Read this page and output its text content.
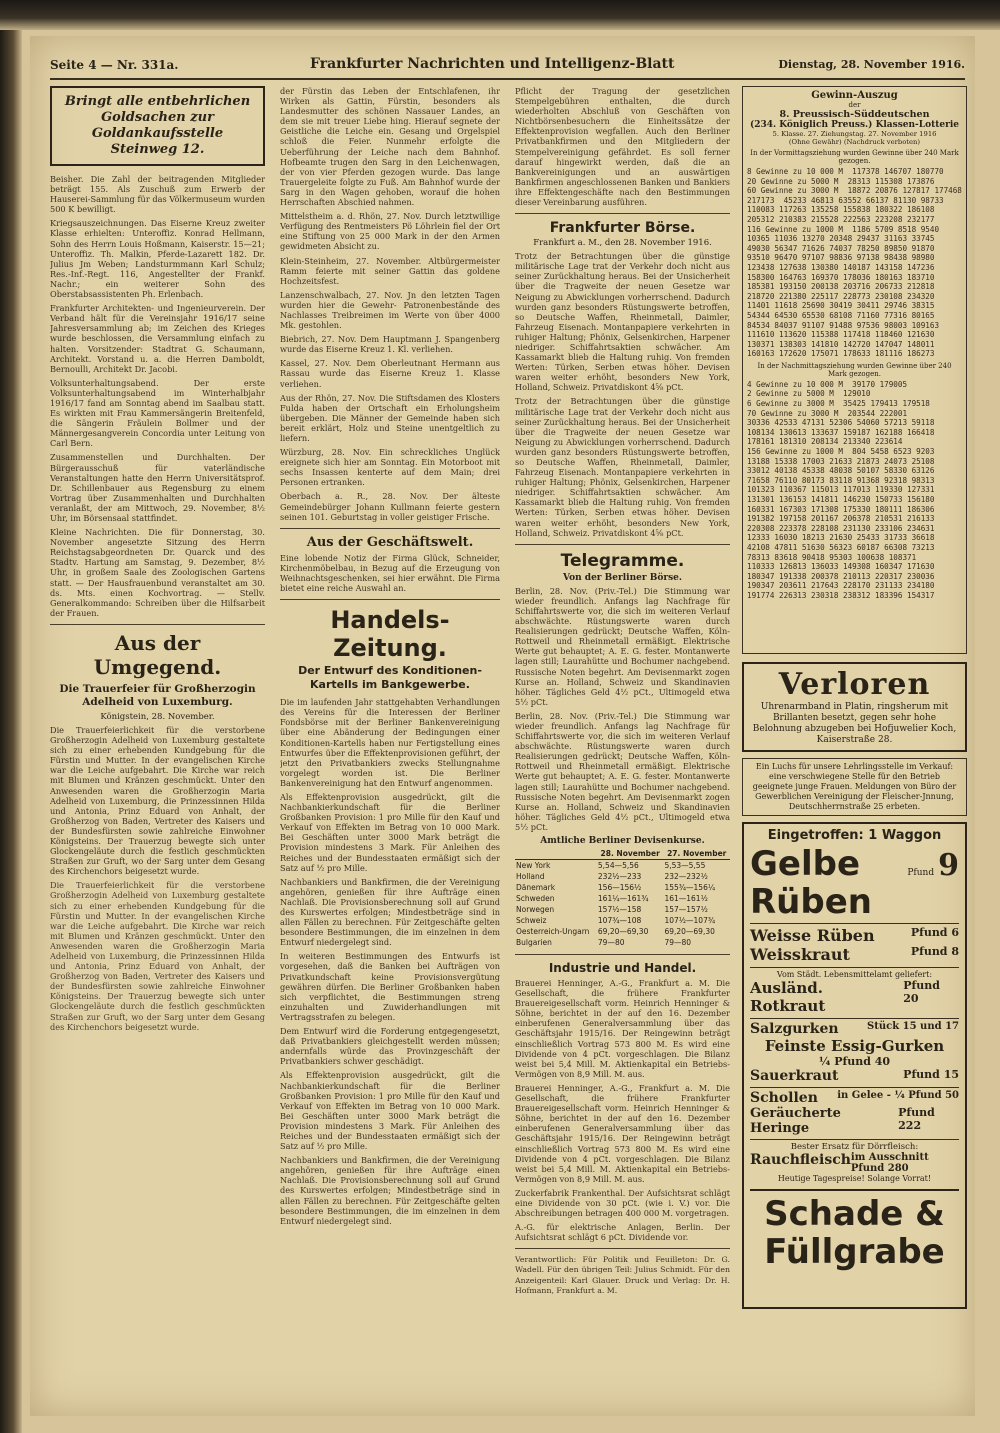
Seite 4 — Nr. 331a.	Frankfurter Nachrichten und Intelligenz-Blatt	Dienstag, 28. November 1916.
Bringt alle entbehrlichen Goldsachen zur Goldankaufsstelle Steinweg 12.

Beisher. Die Zahl der beitragenden Mitglieder beträgt 155. Als Zuschuß zum Erwerb der Hauserei-Sammlung für das Völkermuseum wurden 500 K bewilligt.

Kriegsauszeichnungen. Das Eiserne Kreuz zweiter Klasse erhielten: Unteroffiz. Konrad Hellmann, Sohn des Herrn Louis Hoßmann, Kaiserstr. 15—21; Unteroffiz. Th. Malkin, Pferde-Lazarett 182. Dr. Julius Jm Weben; Landsturmmann Karl Schulz; Res.-Inf.-Regt. 116, Angestellter der Frankf. Nachr.; ein weiterer Sohn des Oberstabsassistenten Ph. Erlenbach.

Frankfurter Architekten- und Ingenieurverein. Der Verband hält für die Vereinsjahr 1916/17 seine Jahresversammlung ab; im Zeichen des Krieges wurde beschlossen, die Versammlung einfach zu halten. Vorsitzender: Stadtrat G. Schaumann, Architekt. Vorstand u. a. die Herren Damboldt, Bernoulli, Architekt Dr. Jacobi.

Volksunterhaltungsabend. Der erste Volksunterhaltungsabend im Winterhalbjahr 1916/17 fand am Sonntag abend im Saalbau statt. Es wirkten mit Frau Kammersängerin Breitenfeld, die Sängerin Fräulein Bollmer und der Männergesangverein Concordia unter Leitung von Carl Bern.

Zusammenstellen und Durchhalten. Der Bürgerausschuß für vaterländische Veranstaltungen hatte den Herrn Universitätsprof. Dr. Schillenbauer aus Regensburg zu einem Vortrag über Zusammenhalten und Durchhalten veranlaßt, der am Mittwoch, 29. November, 8½ Uhr, im Börsensaal stattfindet.

Kleine Nachrichten. Die für Donnerstag, 30. November angesetzte Sitzung des Herrn Reichstagsabgeordneten Dr. Quarck und des Stadtv. Hartung am Samstag, 9. Dezember, 8½ Uhr, in großem Saale des Zoologischen Gartens statt. — Der Hausfrauenbund veranstaltet am 30. ds. Mts. einen Kochvortrag. — Stellv. Generalkommando: Schreiben über die Hilfsarbeit der Frauen.

Aus der Umgegend.
Die Trauerfeier für Großherzogin Adelheid von Luxemburg.
Königstein, 28. November.

Die Trauerfeierlichkeit für die verstorbene Großherzogin Adelheid von Luxemburg gestaltete sich zu einer erhebenden Kundgebung für die Fürstin und Mutter. In der evangelischen Kirche war die Leiche aufgebahrt. Die Kirche war reich mit Blumen und Kränzen geschmückt. Unter den Anwesenden waren die Großherzogin Maria Adelheid von Luxemburg, die Prinzessinnen Hilda und Antonia, Prinz Eduard von Anhalt, der Großherzog von Baden, Vertreter des Kaisers und der Bundesfürsten sowie zahlreiche Einwohner Königsteins. Der Trauerzug bewegte sich unter Glockengeläute durch die festlich geschmückten Straßen zur Gruft, wo der Sarg unter dem Gesang des Kirchenchors beigesetzt wurde.

Die Trauerfeierlichkeit für die verstorbene Großherzogin Adelheid von Luxemburg gestaltete sich zu einer erhebenden Kundgebung für die Fürstin und Mutter. In der evangelischen Kirche war die Leiche aufgebahrt. Die Kirche war reich mit Blumen und Kränzen geschmückt. Unter den Anwesenden waren die Großherzogin Maria Adelheid von Luxemburg, die Prinzessinnen Hilda und Antonia, Prinz Eduard von Anhalt, der Großherzog von Baden, Vertreter des Kaisers und der Bundesfürsten sowie zahlreiche Einwohner Königsteins. Der Trauerzug bewegte sich unter Glockengeläute durch die festlich geschmückten Straßen zur Gruft, wo der Sarg unter dem Gesang des Kirchenchors beigesetzt wurde.

der Fürstin das Leben der Entschlafenen, ihr Wirken als Gattin, Fürstin, besonders als Landesmutter des schönen Nassauer Landes, an dem sie mit treuer Liebe hing. Hierauf segnete der Geistliche die Leiche ein. Gesang und Orgelspiel schloß die Feier. Nunmehr erfolgte die Ueberführung der Leiche nach dem Bahnhof. Hofbeamte trugen den Sarg in den Leichenwagen, der von vier Pferden gezogen wurde. Das lange Trauergeleite folgte zu Fuß. Am Bahnhof wurde der Sarg in den Wagen gehoben, worauf die hohen Herrschaften Abschied nahmen.

Mittelstheim a. d. Rhön, 27. Nov. Durch letztwillige Verfügung des Rentmeisters Pö Löhrlein fiel der Ort eine Stiftung von 25 000 Mark in der den Armen gewidmeten Absicht zu.

Klein-Steinheim, 27. November. Altbürgermeister Ramm feierte mit seiner Gattin das goldene Hochzeitsfest.

Lanzenschwalbach, 27. Nov. Jn den letzten Tagen wurden hier die Gewehr- Patronenbestände des Nachlasses Treibreimen im Werte von über 4000 Mk. gestohlen.

Biebrich, 27. Nov. Dem Hauptmann J. Spangenberg wurde das Eiserne Kreuz 1. Kl. verliehen.

Kassel, 27. Nov. Dem Oberleutnant Hermann aus Rassau wurde das Eiserne Kreuz 1. Klasse verliehen.

Aus der Rhön, 27. Nov. Die Stiftsdamen des Klosters Fulda haben der Ortschaft ein Erholungsheim übergeben. Die Männer der Gemeinde haben sich bereit erklärt, Holz und Steine unentgeltlich zu liefern.

Würzburg, 28. Nov. Ein schreckliches Unglück ereignete sich hier am Sonntag. Ein Motorboot mit sechs Insassen kenterte auf dem Main; drei Personen ertranken.

Oberbach a. R., 28. Nov. Der älteste Gemeindebürger Johann Kullmann feierte gestern seinen 101. Geburtstag in voller geistiger Frische.

Aus der Geschäftswelt.

Eine lobende Notiz der Firma Glück, Schneider, Kirchenmöbelbau, in Bezug auf die Erzeugung von Weihnachtsgeschenken, sei hier erwähnt. Die Firma bietet eine reiche Auswahl an.

Handels-Zeitung.
Der Entwurf des Konditionen-Kartells im Bankgewerbe.

Die im laufenden Jahr stattgehabten Verhandlungen des Vereins für die Interessen der Berliner Fondsbörse mit der Berliner Bankenvereinigung über eine Abänderung der Bedingungen einer Konditionen-Kartells haben nur Fertigstellung eines Entwurfes über die Effektenprovisionen geführt, der jetzt den Privatbankiers zwecks Stellungnahme vorgelegt worden ist. Die Berliner Bankenvereinigung hat den Entwurf angenommen.

Als Effektenprovision ausgedrückt, gilt die Nachbankierkundschaft für die Berliner Großbanken Provision: 1 pro Mille für den Kauf und Verkauf von Effekten im Betrag von 10 000 Mark. Bei Geschäften unter 3000 Mark beträgt die Provision mindestens 3 Mark. Für Anleihen des Reiches und der Bundesstaaten ermäßigt sich der Satz auf ½ pro Mille.

Nachbankiers und Bankfirmen, die der Vereinigung angehören, genießen für ihre Aufträge einen Nachlaß. Die Provisionsberechnung soll auf Grund des Kurswertes erfolgen; Mindestbeträge sind in allen Fällen zu berechnen. Für Zeitgeschäfte gelten besondere Bestimmungen, die im einzelnen in dem Entwurf niedergelegt sind.

In weiteren Bestimmungen des Entwurfs ist vorgesehen, daß die Banken bei Aufträgen von Privatkundschaft keine Provisionsvergütung gewähren dürfen. Die Berliner Großbanken haben sich verpflichtet, die Bestimmungen streng einzuhalten und Zuwiderhandlungen mit Vertragsstrafen zu belegen.

Dem Entwurf wird die Forderung entgegengesetzt, daß Privatbankiers gleichgestellt werden müssen; andernfalls würde das Provinzgeschäft der Privatbankiers schwer geschädigt.

Als Effektenprovision ausgedrückt, gilt die Nachbankierkundschaft für die Berliner Großbanken Provision: 1 pro Mille für den Kauf und Verkauf von Effekten im Betrag von 10 000 Mark. Bei Geschäften unter 3000 Mark beträgt die Provision mindestens 3 Mark. Für Anleihen des Reiches und der Bundesstaaten ermäßigt sich der Satz auf ½ pro Mille.

Nachbankiers und Bankfirmen, die der Vereinigung angehören, genießen für ihre Aufträge einen Nachlaß. Die Provisionsberechnung soll auf Grund des Kurswertes erfolgen; Mindestbeträge sind in allen Fällen zu berechnen. Für Zeitgeschäfte gelten besondere Bestimmungen, die im einzelnen in dem Entwurf niedergelegt sind.

Pflicht der Tragung der gesetzlichen Stempelgebühren enthalten, die durch wiederholten Abschluß von Geschäften von Nichtbörsenbesuchern die Einheitssätze der Effektenprovision wegfallen. Auch den Berliner Privatbankfirmen und den Mitgliedern der Stempelvereinigung gefährdet. Es soll ferner darauf hingewirkt werden, daß die an Bankvereinigungen und an auswärtigen Bankfirmen angeschlossenen Banken und Bankiers ihre Effektengeschäfte nach den Bestimmungen dieser Vereinbarung ausführen.

Frankfurter Börse.
Frankfurt a. M., den 28. November 1916.

Trotz der Betrachtungen über die günstige militärische Lage trat der Verkehr doch nicht aus seiner Zurückhaltung heraus. Bei der Unsicherheit über die Tragweite der neuen Gesetze war Neigung zu Abwicklungen vorherrschend. Dadurch wurden ganz besonders Rüstungswerte betroffen, so Deutsche Waffen, Rheinmetall, Daimler, Fahrzeug Eisenach. Montanpapiere verkehrten in ruhiger Haltung; Phönix, Gelsenkirchen, Harpener niedriger. Schiffahrtsaktien schwächer. Am Kassamarkt blieb die Haltung ruhig. Von fremden Werten: Türken, Serben etwas höher. Devisen waren weiter erhöht, besonders New York, Holland, Schweiz. Privatdiskont 4⅝ pCt.

Trotz der Betrachtungen über die günstige militärische Lage trat der Verkehr doch nicht aus seiner Zurückhaltung heraus. Bei der Unsicherheit über die Tragweite der neuen Gesetze war Neigung zu Abwicklungen vorherrschend. Dadurch wurden ganz besonders Rüstungswerte betroffen, so Deutsche Waffen, Rheinmetall, Daimler, Fahrzeug Eisenach. Montanpapiere verkehrten in ruhiger Haltung; Phönix, Gelsenkirchen, Harpener niedriger. Schiffahrtsaktien schwächer. Am Kassamarkt blieb die Haltung ruhig. Von fremden Werten: Türken, Serben etwas höher. Devisen waren weiter erhöht, besonders New York, Holland, Schweiz. Privatdiskont 4⅝ pCt.

Telegramme.
Von der Berliner Börse.

Berlin, 28. Nov. (Priv.-Tel.) Die Stimmung war wieder freundlich. Anfangs lag Nachfrage für Schiffahrtswerte vor, die sich im weiteren Verlauf abschwächte. Rüstungswerte waren durch Realisierungen gedrückt; Deutsche Waffen, Köln-Rottweil und Rheinmetall ermäßigt. Elektrische Werte gut behauptet; A. E. G. fester. Montanwerte lagen still; Laurahütte und Bochumer nachgebend. Russische Noten begehrt. Am Devisenmarkt zogen Kurse an. Holland, Schweiz und Skandinavien höher. Tägliches Geld 4½ pCt., Ultimogeld etwa 5½ pCt.

Berlin, 28. Nov. (Priv.-Tel.) Die Stimmung war wieder freundlich. Anfangs lag Nachfrage für Schiffahrtswerte vor, die sich im weiteren Verlauf abschwächte. Rüstungswerte waren durch Realisierungen gedrückt; Deutsche Waffen, Köln-Rottweil und Rheinmetall ermäßigt. Elektrische Werte gut behauptet; A. E. G. fester. Montanwerte lagen still; Laurahütte und Bochumer nachgebend. Russische Noten begehrt. Am Devisenmarkt zogen Kurse an. Holland, Schweiz und Skandinavien höher. Tägliches Geld 4½ pCt., Ultimogeld etwa 5½ pCt.

Amtliche Berliner Devisenkurse.
	28. November	27. November
New York	5,54—5,56	5,53—5,55
Holland	232½—233	232—232½
Dänemark	156—156½	155¾—156¼
Schweden	161¼—161¾	161—161½
Norwegen	157½—158	157—157½
Schweiz	107¾—108	107½—107¾
Oesterreich-Ungarn	69,20—69,30	69,20—69,30
Bulgarien	79—80	79—80
Industrie und Handel.

Brauerei Henninger, A.-G., Frankfurt a. M. Die Gesellschaft, die frühere Frankfurter Brauereigesellschaft vorm. Heinrich Henninger & Söhne, berichtet in der auf den 16. Dezember einberufenen Generalversammlung über das Geschäftsjahr 1915/16. Der Reingewinn beträgt einschließlich Vortrag 573 800 M. Es wird eine Dividende von 4 pCt. vorgeschlagen. Die Bilanz weist bei 5,4 Mill. M. Aktienkapital ein Betriebs-Vermögen von 8,9 Mill. M. aus.

Brauerei Henninger, A.-G., Frankfurt a. M. Die Gesellschaft, die frühere Frankfurter Brauereigesellschaft vorm. Heinrich Henninger & Söhne, berichtet in der auf den 16. Dezember einberufenen Generalversammlung über das Geschäftsjahr 1915/16. Der Reingewinn beträgt einschließlich Vortrag 573 800 M. Es wird eine Dividende von 4 pCt. vorgeschlagen. Die Bilanz weist bei 5,4 Mill. M. Aktienkapital ein Betriebs-Vermögen von 8,9 Mill. M. aus.

Zuckerfabrik Frankenthal. Der Aufsichtsrat schlägt eine Dividende von 30 pCt. (wie i. V.) vor. Die Abschreibungen betragen 400 000 M. vorgetragen.

A.-G. für elektrische Anlagen, Berlin. Der Aufsichtsrat schlägt 6 pCt. Dividende vor.

Verantwortlich: Für Politik und Feuilleton: Dr. G. Wadell. Für den übrigen Teil: Julius Schmidt. Für den Anzeigenteil: Karl Glauer. Druck und Verlag: Dr. H. Hofmann, Frankfurt a. M.

Gewinn-Auszug
der
8. Preussisch-Süddeutschen
(234. Königlich Preuss.) Klassen-Lotterie
5. Klasse. 27. Ziehungstag. 27. November 1916
(Ohne Gewähr) (Nachdruck verboten)
In der Vormittagsziehung wurden Gewinne über 240 Mark gezogen.
8 Gewinne zu 10 000 M  117378 146707 180770
20 Gewinne zu 5000 M  28313 115308 173876
60 Gewinne zu 3000 M  18872 20876 127817 177468
217173  45233 46813 63552 66137 81130 98733
110083 117263 135258 155838 180322 186108
205312 210383 215528 222563 223208 232177
116 Gewinne zu 1000 M  1186 5709 8518 9540
10365 11036 13270 20348 29437 31163 33745
49030 56347 71626 74037 78250 89850 91870
93510 96470 97107 98836 97138 98438 98980
123438 127638 130380 140187 143158 147236
158300 164763 169370 178036 180163 183710
185381 193150 200138 203716 206733 212818
218720 221380 225117 228773 230108 234320
11401 11618 25690 30419 30411 29746 38315
54344 64530 65530 68108 71160 77316 80165
84534 84037 91107 91488 97536 98003 109163
111610 113620 115388 117418 118460 121630
130371 138303 141810 142720 147047 148011
160163 172620 175071 178633 181116 186273
In der Nachmittagsziehung wurden Gewinne über 240 Mark gezogen.
4 Gewinne zu 10 000 M  39170 179005
2 Gewinne zu 5000 M  129010
6 Gewinne zu 3000 M  35425 179413 179518
70 Gewinne zu 3000 M  203544 222001
30336 42533 47131 52306 54060 57213 59118
108134 130613 133637 159187 162188 166418
178161 181310 208134 213340 223614
156 Gewinne zu 1000 M  804 5458 6523 9203
13188 15338 17003 21633 21873 24073 25108
33012 40138 45338 48038 50107 58330 63126
71658 76110 80173 83118 91368 92318 98313
101323 110367 115013 117013 119330 127331
131301 136153 141811 146230 150733 156180
160331 167303 171308 175330 180111 186306
191382 197158 201167 206378 210531 216133
220308 223378 228108 231130 233106 234631
12333 16030 18213 21630 25433 31733 36618
42108 47811 51630 56323 60187 66308 73213
78313 83618 90418 95303 100638 108371
110333 126813 136033 149308 160347 171630
180347 191338 200378 210113 220317 230036
190347 203611 217643 228170 231133 234180
191774 226313 230318 238312 183396 154317
Verloren
Uhrenarmband in Platin, ringsherum mit Brillanten besetzt, gegen sehr hohe Belohnung abzugeben bei Hofjuwelier Koch, Kaiserstraße 28.
Ein Luchs für unsere Lehrlingsstelle im Verkauf: eine verschwiegene Stelle für den Betrieb geeignete junge Frauen. Meldungen von Büro der Gewerblichen Vereinigung der Fleischer-Jnnung, Deutschherrnstraße 25 erbeten.
Eingetroffen: 1 Waggon
Gelbe Rüben
Pfund 9
Weisse Rüben	Pfund 6
Weisskraut	Pfund 8
Vom Städt. Lebensmittelamt geliefert:
Ausländ. Rotkraut
Pfund 20
Salzgurken	Stück 15 und 17
Feinste Essig-Gurken
¼ Pfund 40
Sauerkraut	Pfund 15
Schollen in Gelee - ¼ Pfund 50
Geräucherte Heringe
Pfund 222
Bester Ersatz für Dörrfleisch:
Rauchfleisch im Ausschnitt Pfund 280
Heutige Tagespreise! Solange Vorrat!
Schade &
Füllgrabe
